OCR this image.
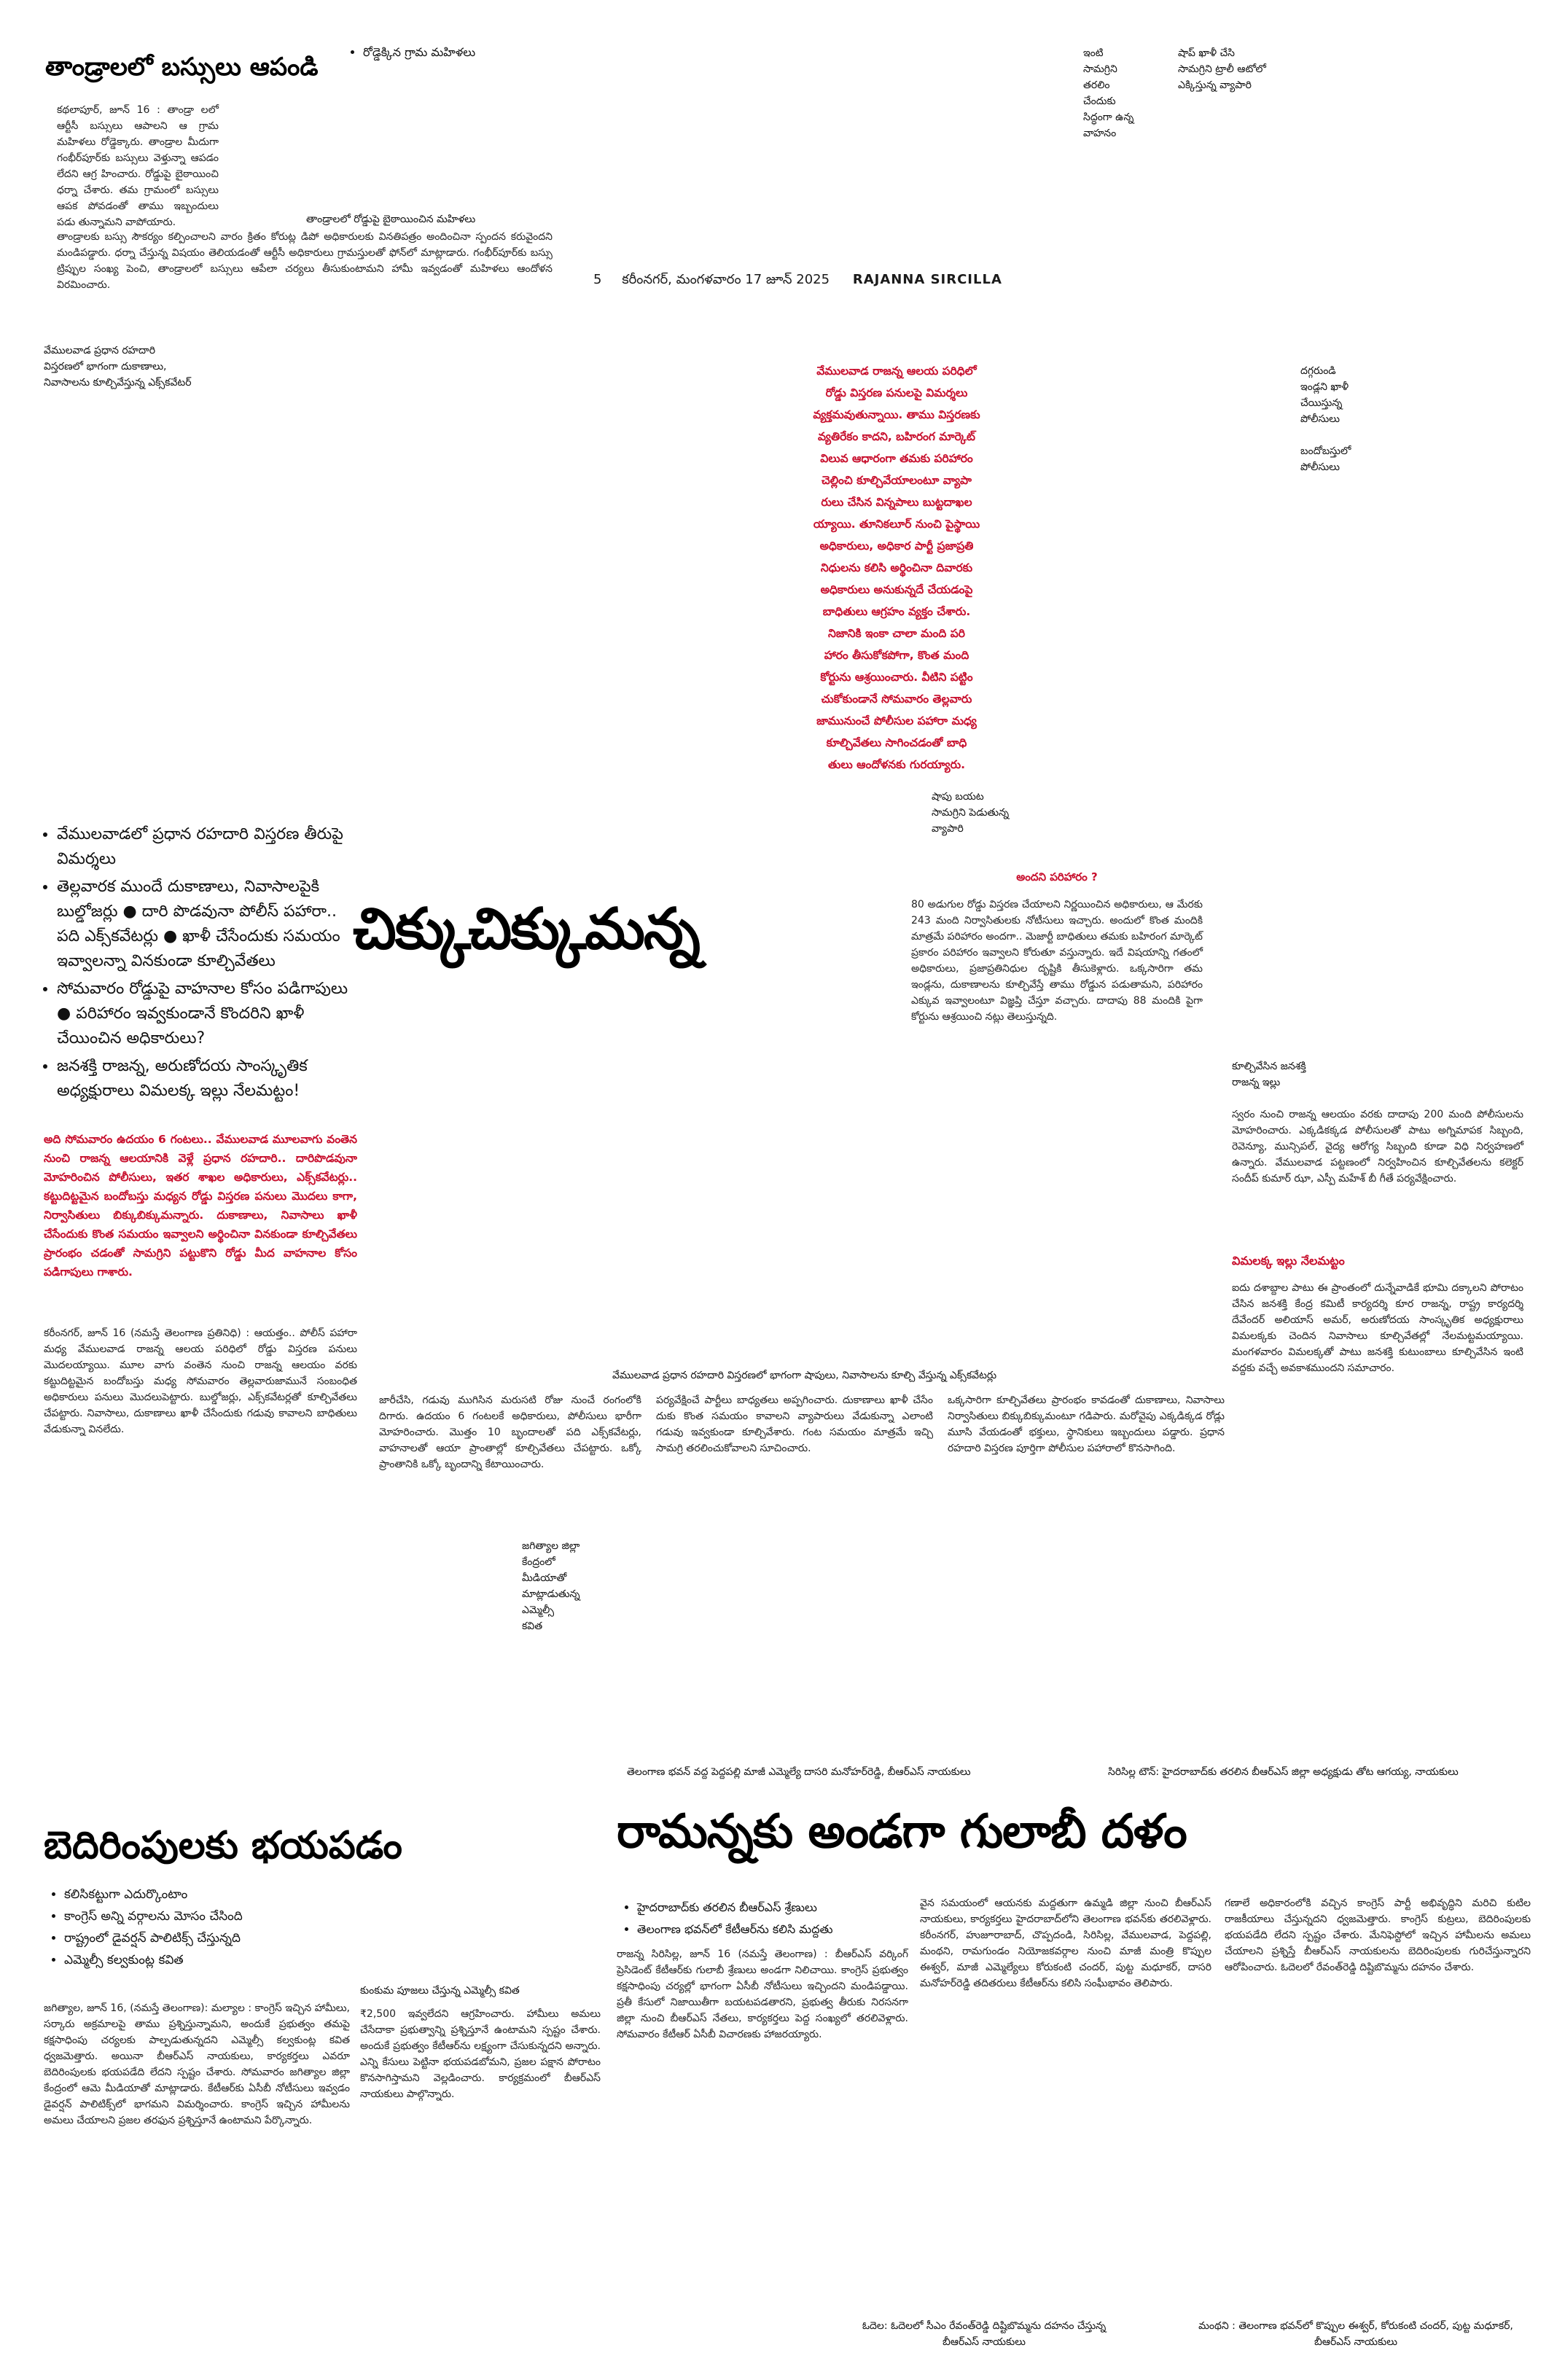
తాండ్రాలలో బస్సులు ఆపండి
• రోడ్డెక్కిన గ్రామ మహిళలు
కథలాపూర్, జూన్ 16 : తాండ్రా లలో ఆర్టీసీ బస్సులు ఆపాలని ఆ గ్రామ మహిళలు రోడ్డెక్కారు. తాండ్రాల మీదుగా గంభీర్‌పూర్‌కు బస్సులు వెళ్తున్నా ఆపడం లేదని ఆగ్ర హించారు. రోడ్డుపై బైఠాయించి ధర్నా చేశారు. తమ గ్రామంలో బస్సులు ఆపక పోవడంతో తాము ఇబ్బందులు పడు తున్నామని వాపోయారు.	తాండ్రాలలో రోడ్డుపై బైఠాయించిన మహిళలు
తాండ్రాలకు బస్సు సౌకర్యం కల్పించాలని వారం క్రితం కోరుట్ల డిపో అధికారులకు వినతిపత్రం అందించినా స్పందన కరువైందని మండిపడ్డారు. ధర్నా చేస్తున్న విషయం తెలియడంతో ఆర్టీసీ అధికారులు గ్రామస్తులతో ఫోన్‌లో మాట్లాడారు. గంభీర్‌పూర్‌కు బస్సు ట్రిప్పుల సంఖ్య పెంచి, తాండ్రాలలో బస్సులు ఆపేలా చర్యలు తీసుకుంటామని హామీ ఇవ్వడంతో మహిళలు ఆందోళన విరమించారు.	5 కరీంనగర్, మంగళవారం 17 జూన్ 2025 RAJANNA SIRCILLA
ఇంటి
సామగ్రిని
తరలిం
చేందుకు
సిద్ధంగా ఉన్న
వాహనం
షాప్ ఖాళీ చేసి
సామగ్రిని ట్రాలీ ఆటోలో
ఎక్కిస్తున్న వ్యాపారి
వేములవాడ ప్రధాన రహదారి
విస్తరణలో భాగంగా దుకాణాలు,
నివాసాలను కూల్చివేస్తున్న ఎక్స్‌కవేటర్
వేములవాడ రాజన్న ఆలయ పరిధిలో
రోడ్డు విస్తరణ పనులపై విమర్శలు
వ్యక్తమవుతున్నాయి. తాము విస్తరణకు
వ్యతిరేకం కాదని, బహిరంగ మార్కెట్
విలువ ఆధారంగా తమకు పరిహారం
చెల్లించి కూల్చివేయాలంటూ వ్యాపా
రులు చేసిన విన్నపాలు బుట్టదాఖల
య్యాయి. తూనికలూర్ నుంచి పైస్థాయి
అధికారులు, అధికార పార్టీ ప్రజాప్రతి
నిధులను కలిసి అర్థించినా దివారకు
అధికారులు అనుకున్నదే చేయడంపై
బాధితులు ఆగ్రహం వ్యక్తం చేశారు.
నిజానికి ఇంకా చాలా మంది పరి
హారం తీసుకోకపోగా, కొంత మంది
కోర్టును ఆశ్రయించారు. వీటిని పట్టిం
చుకోకుండానే సోమవారం తెల్లవారు
జామునుంచే పోలీసుల పహారా మధ్య
కూల్చివేతలు సాగించడంతో బాధి
తులు ఆందోళనకు గురయ్యారు.
దగ్గరుండి
ఇండ్లని ఖాళీ
చేయిస్తున్న
పోలీసులు

బందోబస్తులో
పోలీసులు
• వేములవాడలో ప్రధాన రహదారి విస్తరణ తీరుపై విమర్శలు
• తెల్లవారక ముందే దుకాణాలు, నివాసాలపైకి బుల్డోజర్లు ● దారి పొడవునా పోలీస్ పహారా.. పది ఎక్స్‌కవేటర్లు ● ఖాళీ చేసేందుకు సమయం ఇవ్వాలన్నా వినకుండా కూల్చివేతలు
• సోమవారం రోడ్డుపై వాహనాల కోసం పడిగాపులు ● పరిహారం ఇవ్వకుండానే కొందరిని ఖాళీ చేయించిన అధికారులు?
• జనశక్తి రాజన్న, అరుణోదయ సాంస్కృతిక అధ్యక్షురాలు విమలక్క ఇల్లు నేలమట్టం!
చిక్కుచిక్కుమన్న
షాపు బయట
సామగ్రిని పెడుతున్న
వ్యాపారి
అందని పరిహారం ?
80 అడుగుల రోడ్డు విస్తరణ చేయాలని నిర్ణయించిన అధికారులు, ఆ మేరకు 243 మంది నిర్వాసితులకు నోటీసులు ఇచ్చారు. అందులో కొంత మందికి మాత్రమే పరిహారం అందగా.. మెజార్టీ బాధితులు తమకు బహిరంగ మార్కెట్ ప్రకారం పరిహారం ఇవ్వాలని కోరుతూ వస్తున్నారు. ఇదే విషయాన్ని గతంలో అధికారులు, ప్రజాప్రతినిధుల దృష్టికి తీసుకెళ్లారు. ఒక్కసారిగా తమ ఇండ్లను, దుకాణాలను కూల్చివేస్తే తాము రోడ్డున పడుతామని, పరిహారం ఎక్కువ ఇవ్వాలంటూ విజ్ఞప్తి చేస్తూ వచ్చారు. దాదాపు 88 మందికి పైగా కోర్టును ఆశ్రయించి నట్లు తెలుస్తున్నది.
కూల్చివేసిన జనశక్తి
రాజన్న ఇల్లు
అది సోమవారం ఉదయం 6 గంటలు.. వేములవాడ మూలవాగు వంతెన నుంచి రాజన్న ఆలయానికి వెళ్లే ప్రధాన రహదారి.. దారిపొడవునా మోహరించిన పోలీసులు, ఇతర శాఖల అధికారులు, ఎక్స్‌కవేటర్లు.. కట్టుదిట్టమైన బందోబస్తు మధ్యన రోడ్డు విస్తరణ పనులు మొదలు కాగా, నిర్వాసితులు బిక్కుబిక్కుమన్నారు. దుకాణాలు, నివాసాలు ఖాళీ చేసేందుకు కొంత సమయం ఇవ్వాలని అర్థించినా వినకుండా కూల్చివేతలు ప్రారంభం చడంతో సామగ్రిని పట్టుకొని రోడ్డు మీద వాహనాల కోసం పడిగాపులు గాశారు.
స్వరం నుంచి రాజన్న ఆలయం వరకు దాదాపు 200 మంది పోలీసులను మోహరించారు. ఎక్కడికక్కడ పోలీసులతో పాటు అగ్నిమాపక సిబ్బంది, రెవెన్యూ, మున్సిపల్, వైద్య ఆరోగ్య సిబ్బంది కూడా విధి నిర్వహణలో ఉన్నారు. వేములవాడ పట్టణంలో నిర్వహించిన కూల్చివేతలను కలెక్టర్ సందీప్ కుమార్ ఝా, ఎస్పీ మహేశ్ బీ గీతే పర్యవేక్షించారు.
విమలక్క ఇల్లు నేలమట్టం
ఐదు దశాబ్దాల పాటు ఈ ప్రాంతంలో దున్నేవాడికే భూమి దక్కాలని పోరాటం చేసిన జనశక్తి కేంద్ర కమిటీ కార్యదర్శి కూర రాజన్న, రాష్ట్ర కార్యదర్శి దేవేందర్ అలియాస్ అమర్, అరుణోదయ సాంస్కృతిక అధ్యక్షురాలు విమలక్కకు చెందిన నివాసాలు కూల్చివేతల్లో నేలమట్టమయ్యాయి. మంగళవారం విమలక్కతో పాటు జనశక్తి కుటుంబాలు కూల్చివేసిన ఇంటి వద్దకు వచ్చే అవకాశముందని సమాచారం.
వేములవాడ ప్రధాన రహదారి విస్తరణలో భాగంగా షాపులు, నివాసాలను కూల్చి వేస్తున్న ఎక్స్‌కవేటర్లు
కరీంనగర్, జూన్ 16 (నమస్తే తెలంగాణ ప్రతినిధి) : ఆయత్తం.. పోలీస్ పహారా మధ్య వేములవాడ రాజన్న ఆలయ పరిధిలో రోడ్డు విస్తరణ పనులు మొదలయ్యాయి. మూల వాగు వంతెన నుంచి రాజన్న ఆలయం వరకు కట్టుదిట్టమైన బందోబస్తు మధ్య సోమవారం తెల్లవారుజామునే సంబంధిత అధికారులు పనులు మొదలుపెట్టారు. బుల్డోజర్లు, ఎక్స్‌కవేటర్లతో కూల్చివేతలు చేపట్టారు. నివాసాలు, దుకాణాలు ఖాళీ చేసేందుకు గడువు కావాలని బాధితులు వేడుకున్నా వినలేదు.
జారీచేసి, గడువు ముగిసిన మరుసటి రోజు నుంచే రంగంలోకి దిగారు. ఉదయం 6 గంటలకే అధికారులు, పోలీసులు భారీగా మోహరించారు. మొత్తం 10 బృందాలతో పది ఎక్స్‌కవేటర్లు, వాహనాలతో ఆయా ప్రాంతాల్లో కూల్చివేతలు చేపట్టారు. ఒక్కో ప్రాంతానికి ఒక్కో బృందాన్ని కేటాయించారు.
పర్యవేక్షించే పార్టీలు బాధ్యతలు అప్పగించారు. దుకాణాలు ఖాళీ చేసేం దుకు కొంత సమయం కావాలని వ్యాపారులు వేడుకున్నా ఎలాంటి గడువు ఇవ్వకుండా కూల్చివేశారు. గంట సమయం మాత్రమే ఇచ్చి సామగ్రి తరలించుకోవాలని సూచించారు.
ఒక్కసారిగా కూల్చివేతలు ప్రారంభం కావడంతో దుకాణాలు, నివాసాలు నిర్వాసితులు బిక్కుబిక్కుమంటూ గడిపారు. మరోవైపు ఎక్కడిక్కడ రోడ్లు మూసి వేయడంతో భక్తులు, స్థానికులు ఇబ్బందులు పడ్డారు. ప్రధాన రహదారి విస్తరణ పూర్తిగా పోలీసుల పహారాలో కొనసాగింది.
జగిత్యాల జిల్లా
కేంద్రంలో
మీడియాతో
మాట్లాడుతున్న
ఎమ్మెల్సీ
కవిత
తెలంగాణ భవన్ వద్ద పెద్దపల్లి మాజీ ఎమ్మెల్యే దాసరి మనోహర్‌రెడ్డి, బీఆర్‌ఎస్ నాయకులు	సిరిసిల్ల టౌన్: హైదరాబాద్‌కు తరలిన బీఆర్‌ఎస్ జిల్లా అధ్యక్షుడు తోట ఆగయ్య, నాయకులు
బెదిరింపులకు భయపడం
• కలిసికట్టుగా ఎదుర్కొంటాం
• కాంగ్రెస్ అన్ని వర్గాలను మోసం చేసింది
• రాష్ట్రంలో డైవర్షన్ పాలిటిక్స్ చేస్తున్నది
• ఎమ్మెల్సీ కల్వకుంట్ల కవిత
జగిత్యాల, జూన్ 16, (నమస్తే తెలంగాణ): మల్యాల : కాంగ్రెస్ ఇచ్చిన హామీలు, సర్కారు అక్రమాలపై తాము ప్రశ్నిస్తున్నామని, అందుకే ప్రభుత్వం తమపై కక్షసాధింపు చర్యలకు పాల్పడుతున్నదని ఎమ్మెల్సీ కల్వకుంట్ల కవిత ధ్వజమెత్తారు. అయినా బీఆర్‌ఎస్ నాయకులు, కార్యకర్తలు ఎవరూ బెదిరింపులకు భయపడేది లేదని స్పష్టం చేశారు. సోమవారం జగిత్యాల జిల్లా కేంద్రంలో ఆమె మీడియాతో మాట్లాడారు. కేటీఆర్‌కు ఏసీబీ నోటీసులు ఇవ్వడం డైవర్షన్ పాలిటిక్స్‌లో భాగమని విమర్శించారు. కాంగ్రెస్ ఇచ్చిన హామీలను అమలు చేయాలని ప్రజల తరఫున ప్రశ్నిస్తూనే ఉంటామని పేర్కొన్నారు.
కుంకుమ పూజలు చేస్తున్న ఎమ్మెల్సీ కవిత
₹2,500 ఇవ్వలేదని ఆగ్రహించారు. హామీలు అమలు చేసేదాకా ప్రభుత్వాన్ని ప్రశ్నిస్తూనే ఉంటామని స్పష్టం చేశారు. అందుకే ప్రభుత్వం కేటీఆర్‌ను లక్ష్యంగా చేసుకున్నదని అన్నారు. ఎన్ని కేసులు పెట్టినా భయపడబోమని, ప్రజల పక్షాన పోరాటం కొనసాగిస్తామని వెల్లడించారు. కార్యక్రమంలో బీఆర్‌ఎస్ నాయకులు పాల్గొన్నారు.
రామన్నకు అండగా గులాబీ దళం
• హైదరాబాద్‌కు తరలిన బీఆర్‌ఎస్ శ్రేణులు
• తెలంగాణ భవన్‌లో కేటీఆర్‌ను కలిసి మద్దతు
రాజన్న సిరిసిల్ల, జూన్ 16 (నమస్తే తెలంగాణ) : బీఆర్‌ఎస్ వర్కింగ్ ప్రెసిడెంట్ కేటీఆర్‌కు గులాబీ శ్రేణులు అండగా నిలిచాయి. కాంగ్రెస్ ప్రభుత్వం కక్షసాధింపు చర్యల్లో భాగంగా ఏసీబీ నోటీసులు ఇచ్చిందని మండిపడ్డాయి. ప్రతీ కేసులో నిజాయితీగా బయటపడతారని, ప్రభుత్వ తీరుకు నిరసనగా జిల్లా నుంచి బీఆర్‌ఎస్ నేతలు, కార్యకర్తలు పెద్ద సంఖ్యలో తరలివెళ్లారు. సోమవారం కేటీఆర్ ఏసీబీ విచారణకు హాజరయ్యారు.
వైన సమయంలో ఆయనకు మద్దతుగా ఉమ్మడి జిల్లా నుంచి బీఆర్‌ఎస్ నాయకులు, కార్యకర్తలు హైదరాబాద్‌లోని తెలంగాణ భవన్‌కు తరలివెళ్లారు. కరీంనగర్, హుజూరాబాద్, చొప్పదండి, సిరిసిల్ల, వేములవాడ, పెద్దపల్లి, మంథని, రామగుండం నియోజకవర్గాల నుంచి మాజీ మంత్రి కొప్పుల ఈశ్వర్, మాజీ ఎమ్మెల్యేలు కోరుకంటి చందర్, పుట్ట మధూకర్, దాసరి మనోహర్‌రెడ్డి తదితరులు కేటీఆర్‌ను కలిసి సంఘీభావం తెలిపారు.
గణాలే అధికారంలోకి వచ్చిన కాంగ్రెస్ పార్టీ అభివృద్ధిని మరిచి కుటిల రాజకీయాలు చేస్తున్నదని ధ్వజమెత్తారు. కాంగ్రెస్ కుట్రలు, బెదిరింపులకు భయపడేది లేదని స్పష్టం చేశారు. మేనిఫెస్టోలో ఇచ్చిన హామీలను అమలు చేయాలని ప్రశ్నిస్తే బీఆర్‌ఎస్ నాయకులను బెదిరింపులకు గురిచేస్తున్నారని ఆరోపించారు. ఓదెలలో రేవంత్‌రెడ్డి దిష్టిబొమ్మను దహనం చేశారు.
ఓదెల: ఓదెలలో సీఎం రేవంత్‌రెడ్డి దిష్టిబొమ్మను దహనం చేస్తున్న
బీఆర్‌ఎస్ నాయకులు
మంథని : తెలంగాణ భవన్‌లో కొప్పుల ఈశ్వర్, కోరుకంటి చందర్, పుట్ట మధూకర్,
బీఆర్‌ఎస్ నాయకులు
